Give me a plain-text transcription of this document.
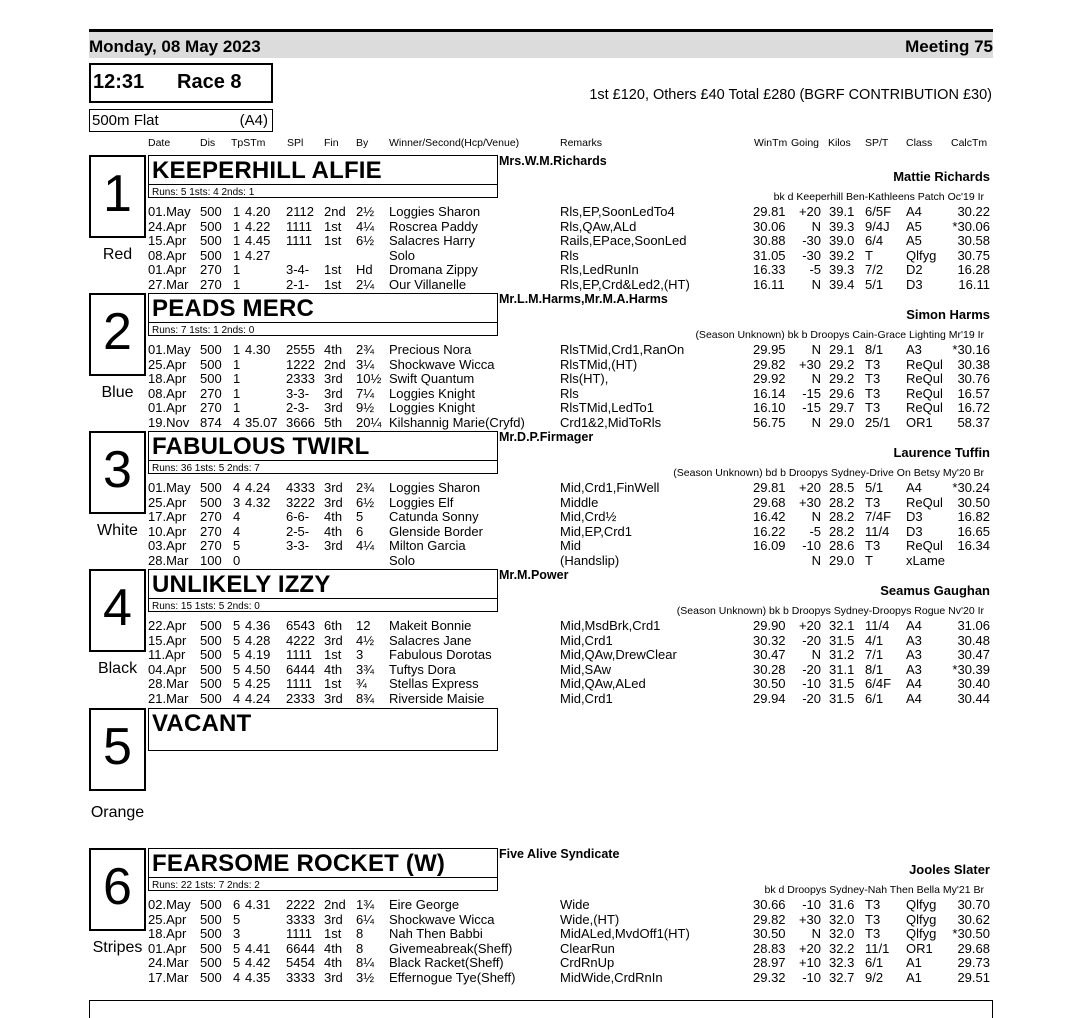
Monday, 08 May 2023	Meeting 75
12:31 Race 8
500m Flat	(A4)
1st £120, Others £40 Total £280 (BGRF CONTRIBUTION £30)
Date	Dis TpSTm SPl Fin By Winner/Second(Hcp/Venue)	Remarks	WinTm Going Kilos SP/T Class CalcTm
1
Red
KEEPERHILL ALFIE
Runs: 5 1sts: 4 2nds: 1
Mrs.W.M.Richards
Mattie Richards
bk d Keeperhill Ben-Kathleens Patch Oc'19 Ir
01.May 500 1 4.20 2112 2nd 2½ Loggies Sharon	Rls,EP,SoonLedTo4	29.81	+20 39.1 6/5F A4	30.22
24.Apr 500 1 4.22 1111 1st 4¼ Roscrea Paddy	Rls,QAw,ALd	30.06	N 39.3 9/4J A5	*30.06
15.Apr 500 1 4.45 1111 1st 6½ Salacres Harry	Rails,EPace,SoonLed	30.88	-30 39.0 6/4 A5	30.58
08.Apr 500 1 4.27	Solo	Rls	31.05	-30 39.2 T	Qlfyg	30.75
01.Apr 270 1	3-4- 1st Hd Dromana Zippy	Rls,LedRunIn	16.33	-5 39.3 7/2 D2	16.28
27.Mar 270 1	2-1- 1st 2¼ Our Villanelle	Rls,EP,Crd&Led2,(HT)	16.11	N 39.4 5/1 D3	16.11
2
Blue
PEADS MERC
Runs: 7 1sts: 1 2nds: 0
Mr.L.M.Harms,Mr.M.A.Harms
Simon Harms
(Season Unknown) bk b Droopys Cain-Grace Lighting Mr'19 Ir
01.May 500 1 4.30 2555 4th 2¾ Precious Nora	RlsTMid,Crd1,RanOn	29.95	N 29.1 8/1 A3	*30.16
25.Apr 500 1	1222 2nd 3¼ Shockwave Wicca	RlsTMid,(HT)	29.82	+30 29.2 T3 ReQul	30.38
18.Apr 500 1	2333 3rd 10½ Swift Quantum	Rls(HT),	29.92	N 29.2 T3 ReQul	30.76
08.Apr 270 1	3-3- 3rd 7¼ Loggies Knight	Rls	16.14	-15 29.6 T3 ReQul	16.57
01.Apr 270 1	2-3- 3rd 9½ Loggies Knight	RlsTMid,LedTo1	16.10	-15 29.7 T3 ReQul	16.72
19.Nov 874 4 35.07 3666 5th 20¼ Kilshannig Marie(Cryfd)	Crd1&2,MidToRls	56.75	N 29.0 25/1 OR1	58.37
3
White
FABULOUS TWIRL
Runs: 36 1sts: 5 2nds: 7
Mr.D.P.Firmager
Laurence Tuffin
(Season Unknown) bd b Droopys Sydney-Drive On Betsy My'20 Br
01.May 500 4 4.24 4333 3rd 2¾ Loggies Sharon	Mid,Crd1,FinWell	29.81	+20 28.5 5/1 A4	*30.24
25.Apr 500 3 4.32 3222 3rd 6½ Loggies Elf	Middle	29.68	+30 28.2 T3 ReQul	30.50
17.Apr 270 4	6-6- 4th 5 Catunda Sonny	Mid,Crd½	16.42	N 28.2 7/4F D3	16.82
10.Apr 270 4	2-5- 4th 6 Glenside Border	Mid,EP,Crd1	16.22	-5 28.2 11/4 D3	16.65
03.Apr 270 5	3-3- 3rd 4¼ Milton Garcia	Mid	16.09	-10 28.6 T3 ReQul	16.34
28.Mar 100 0	Solo	(Handslip)	N 29.0 T	xLame
4
Black
UNLIKELY IZZY
Runs: 15 1sts: 5 2nds: 0
Mr.M.Power
Seamus Gaughan
(Season Unknown) bk b Droopys Sydney-Droopys Rogue Nv'20 Ir
22.Apr 500 5 4.36 6543 6th 12 Makeit Bonnie	Mid,MsdBrk,Crd1	29.90	+20 32.1 11/4 A4	31.06
15.Apr 500 5 4.28 4222 3rd 4½ Salacres Jane	Mid,Crd1	30.32	-20 31.5 4/1 A3	30.48
11.Apr 500 5 4.19 1111 1st 3 Fabulous Dorotas	Mid,QAw,DrewClear	30.47	N 31.2 7/1 A3	30.47
04.Apr 500 5 4.50 6444 4th 3¾ Tuftys Dora	Mid,SAw	30.28	-20 31.1 8/1 A3	*30.39
28.Mar 500 5 4.25 1111 1st ¾ Stellas Express	Mid,QAw,ALed	30.50	-10 31.5 6/4F A4	30.40
21.Mar 500 4 4.24 2333 3rd 8¾ Riverside Maisie	Mid,Crd1	29.94	-20 31.5 6/1 A4	30.44
5
Orange
VACANT
6
Stripes
FEARSOME ROCKET (W)
Runs: 22 1sts: 7 2nds: 2
Five Alive Syndicate
Jooles Slater
bk d Droopys Sydney-Nah Then Bella My'21 Br
02.May 500 6 4.31 2222 2nd 1¾ Eire George	Wide	30.66	-10 31.6 T3 Qlfyg	30.70
25.Apr 500 5	3333 3rd 6¼ Shockwave Wicca	Wide,(HT)	29.82	+30 32.0 T3 Qlfyg	30.62
18.Apr 500 3	1111 1st 8 Nah Then Babbi	MidALed,MvdOff1(HT)	30.50	N 32.0 T3 Qlfyg	*30.50
01.Apr 500 5 4.41 6644 4th 8 Givemeabreak(Sheff)	ClearRun	28.83	+20 32.2 11/1 OR1	29.68
24.Mar 500 5 4.42 5454 4th 8¼ Black Racket(Sheff)	CrdRnUp	28.97	+10 32.3 6/1 A1	29.73
17.Mar 500 4 4.35 3333 3rd 3½ Effernogue Tye(Sheff)	MidWide,CrdRnIn	29.32	-10 32.7 9/2 A1	29.51
